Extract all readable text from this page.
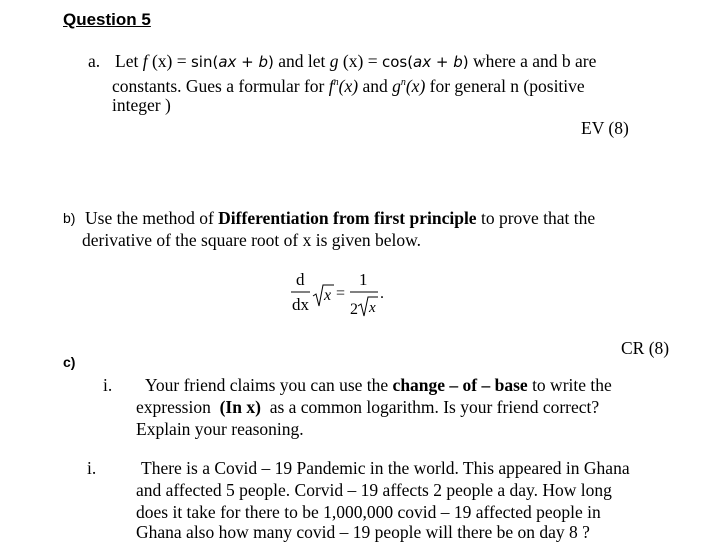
Question 5
a. Let f (x) = sin(ax + b) and let g (x) = cos(ax + b) where a and b are
constants. Gues a formular for $f^n(x)$ and $g^n(x)$ for general n (positive
integer )
EV (8)
b) Use the method of Differentiation from first principle to prove that the
derivative of the square root of x is given below.
d
dx x =
1
2 x
.
CR (8)
c)
i. Your friend claims you can use the change – of – base to write the
expression  (In x)  as a common logarithm. Is your friend correct?
Explain your reasoning.
i.	There is a Covid – 19 Pandemic in the world. This appeared in Ghana
and affected 5 people. Corvid – 19 affects 2 people a day. How long
does it take for there to be 1,000,000 covid – 19 affected people in
Ghana also how many covid – 19 people will there be on day 8 ?
